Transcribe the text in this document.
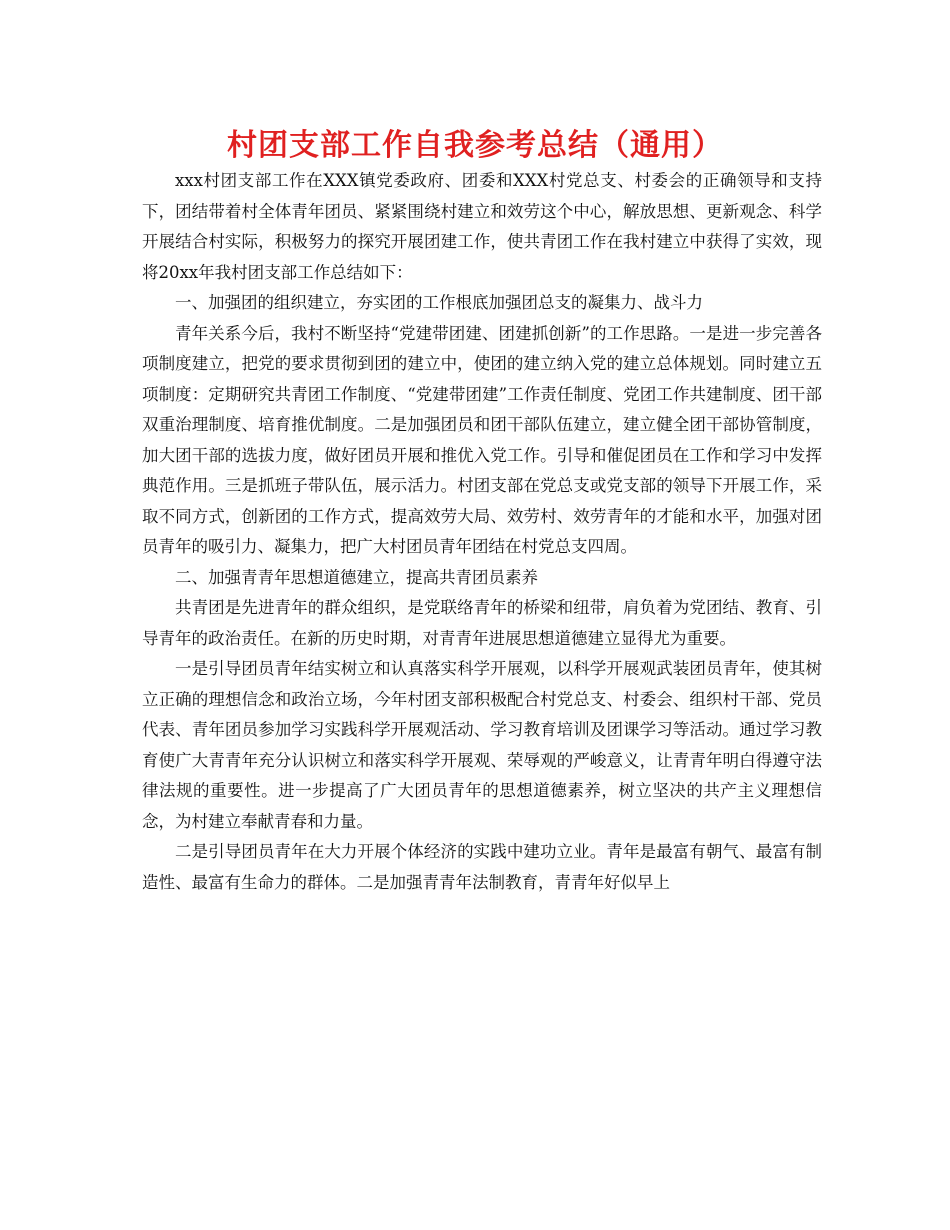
村团支部工作自我参考总结（通用）

xxx村团支部工作在XXX镇党委政府、团委和XXX村党总支、村委会的正确领导和支持下，团结带着村全体青年团员、紧紧围绕村建立和效劳这个中心，解放思想、更新观念、科学开展结合村实际，积极努力的探究开展团建工作，使共青团工作在我村建立中获得了实效，现将20xx年我村团支部工作总结如下：

一、加强团的组织建立，夯实团的工作根底加强团总支的凝集力、战斗力

青年关系今后，我村不断坚持“党建带团建、团建抓创新”的工作思路。一是进一步完善各项制度建立，把党的要求贯彻到团的建立中，使团的建立纳入党的建立总体规划。同时建立五项制度：定期研究共青团工作制度、“党建带团建”工作责任制度、党团工作共建制度、团干部双重治理制度、培育推优制度。二是加强团员和团干部队伍建立，建立健全团干部协管制度，加大团干部的选拔力度，做好团员开展和推优入党工作。引导和催促团员在工作和学习中发挥典范作用。三是抓班子带队伍，展示活力。村团支部在党总支或党支部的领导下开展工作，采取不同方式，创新团的工作方式，提高效劳大局、效劳村、效劳青年的才能和水平，加强对团员青年的吸引力、凝集力，把广大村团员青年团结在村党总支四周。

二、加强青青年思想道德建立，提高共青团员素养

共青团是先进青年的群众组织，是党联络青年的桥梁和纽带，肩负着为党团结、教育、引导青年的政治责任。在新的历史时期，对青青年进展思想道德建立显得尤为重要。

一是引导团员青年结实树立和认真落实科学开展观，以科学开展观武装团员青年，使其树立正确的理想信念和政治立场，今年村团支部积极配合村党总支、村委会、组织村干部、党员代表、青年团员参加学习实践科学开展观活动、学习教育培训及团课学习等活动。通过学习教育使广大青青年充分认识树立和落实科学开展观、荣辱观的严峻意义，让青青年明白得遵守法律法规的重要性。进一步提高了广大团员青年的思想道德素养，树立坚决的共产主义理想信念，为村建立奉献青春和力量。

二是引导团员青年在大力开展个体经济的实践中建功立业。青年是最富有朝气、最富有制造性、最富有生命力的群体。二是加强青青年法制教育，青青年好似早上
